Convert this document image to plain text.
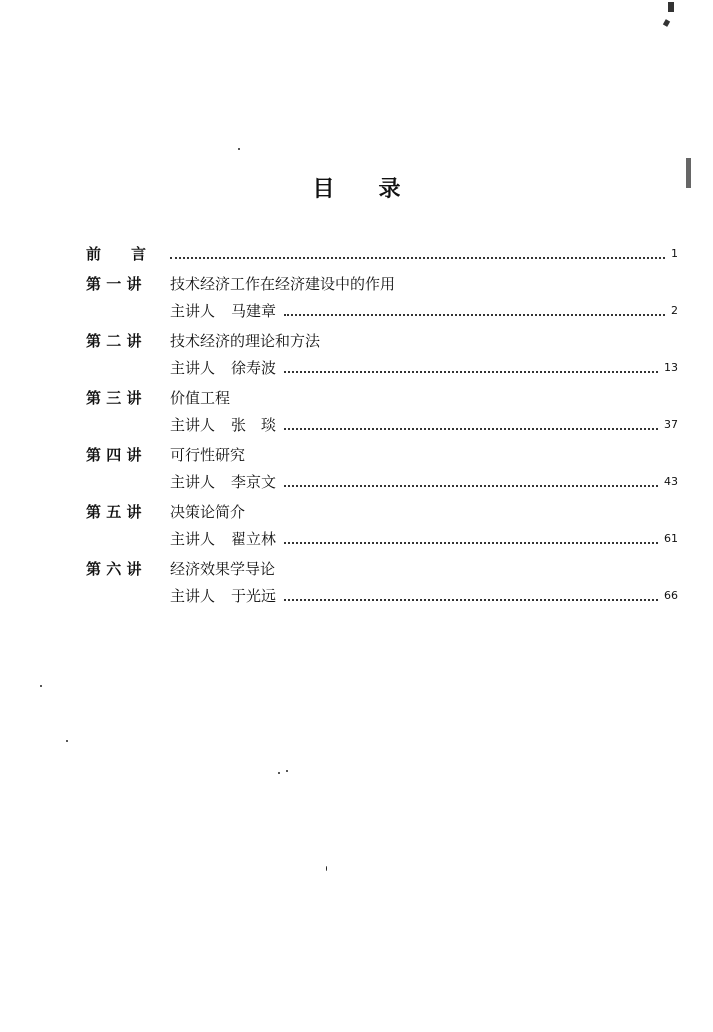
目 录
前 言	1
第 一 讲	技术经济工作在经济建设中的作用
主讲人 马建章	2
第 二 讲	技术经济的理论和方法
主讲人 徐寿波	13
第 三 讲	价值工程
主讲人 张　琰	37
第 四 讲	可行性研究
主讲人 李京文	43
第 五 讲	决策论简介
主讲人 翟立林	61
第 六 讲	经济效果学导论
主讲人 于光远	66
